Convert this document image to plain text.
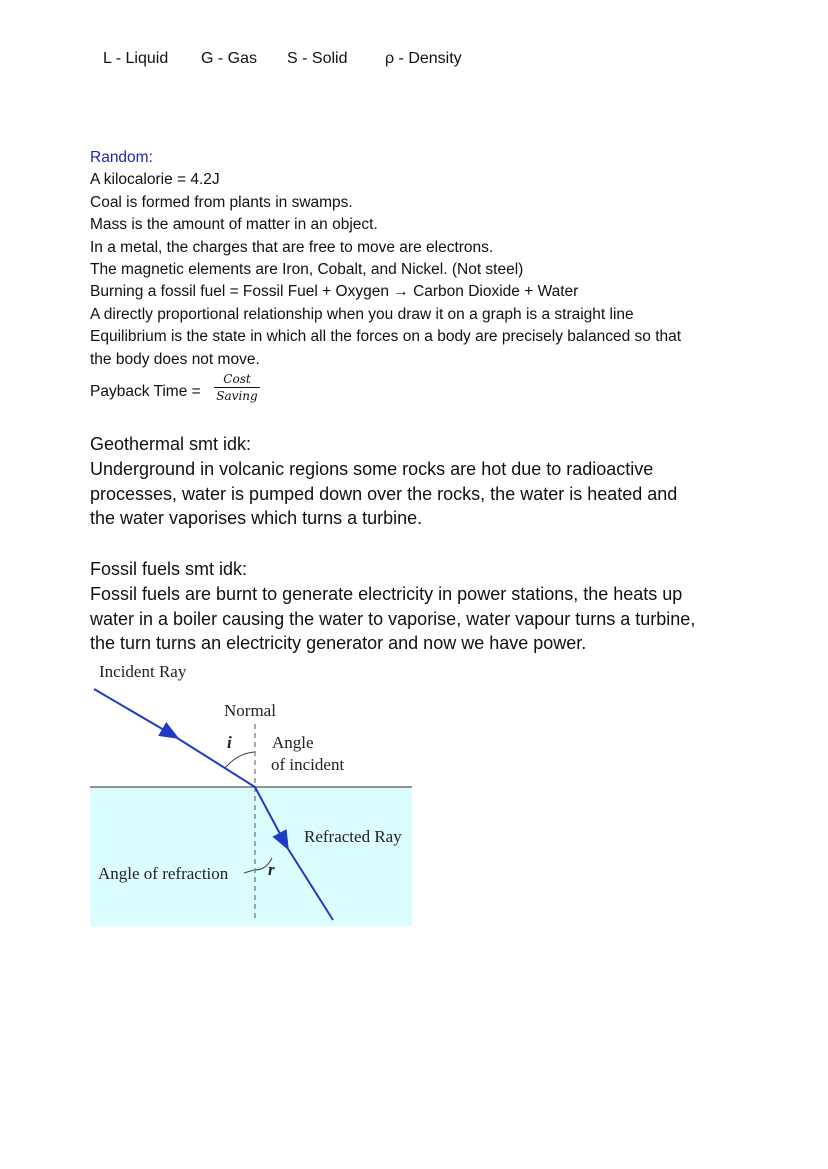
L - Liquid G - Gas S - Solid ρ - Density
Random:
A kilocalorie = 4.2J
Coal is formed from plants in swamps.
Mass is the amount of matter in an object.
In a metal, the charges that are free to move are electrons.
The magnetic elements are Iron, Cobalt, and Nickel. (Not steel)
Burning a fossil fuel = Fossil Fuel + Oxygen → Carbon Dioxide + Water
A directly proportional relationship when you draw it on a graph is a straight line
Equilibrium is the state in which all the forces on a body are precisely balanced so that
the body does not move.
Payback Time =
Cost
Saving
Geothermal smt idk:
Underground in volcanic regions some rocks are hot due to radioactive
processes, water is pumped down over the rocks, the water is heated and
the water vaporises which turns a turbine.
Fossil fuels smt idk:
Fossil fuels are burnt to generate electricity in power stations, the heats up
water in a boiler causing the water to vaporise, water vapour turns a turbine,
the turn turns an electricity generator and now we have power.
Incident Ray
Normal
i Angle
of incident
Refracted Ray
Angle of refraction r
